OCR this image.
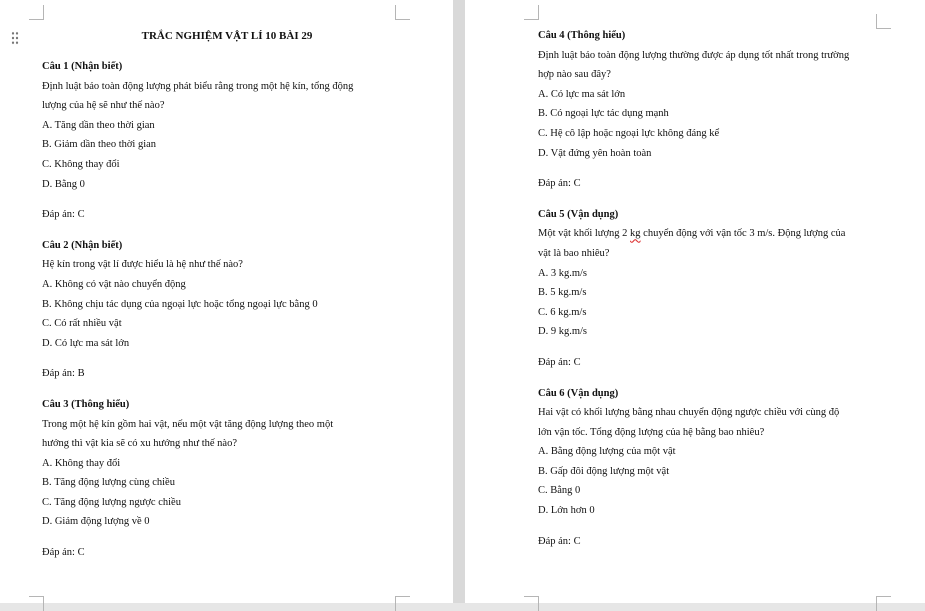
TRẮC NGHIỆM VẬT LÍ 10 BÀI 29
Câu 1 (Nhận biết)
Định luật bảo toàn động lượng phát biểu rằng trong một hệ kín, tổng động
lượng của hệ sẽ như thế nào?
A. Tăng dần theo thời gian
B. Giảm dần theo thời gian
C. Không thay đổi
D. Bằng 0
Đáp án: C
Câu 2 (Nhận biết)
Hệ kín trong vật lí được hiểu là hệ như thế nào?
A. Không có vật nào chuyển động
B. Không chịu tác dụng của ngoại lực hoặc tổng ngoại lực bằng 0
C. Có rất nhiều vật
D. Có lực ma sát lớn
Đáp án: B
Câu 3 (Thông hiểu)
Trong một hệ kín gồm hai vật, nếu một vật tăng động lượng theo một
hướng thì vật kia sẽ có xu hướng như thế nào?
A. Không thay đổi
B. Tăng động lượng cùng chiều
C. Tăng động lượng ngược chiều
D. Giảm động lượng về 0
Đáp án: C
Câu 4 (Thông hiểu)
Định luật bảo toàn động lượng thường được áp dụng tốt nhất trong trường
hợp nào sau đây?
A. Có lực ma sát lớn
B. Có ngoại lực tác dụng mạnh
C. Hệ cô lập hoặc ngoại lực không đáng kể
D. Vật đứng yên hoàn toàn
Đáp án: C
Câu 5 (Vận dụng)
Một vật khối lượng 2 kg chuyển động với vận tốc 3 m/s. Động lượng của
vật là bao nhiêu?
A. 3 kg.m/s
B. 5 kg.m/s
C. 6 kg.m/s
D. 9 kg.m/s
Đáp án: C
Câu 6 (Vận dụng)
Hai vật có khối lượng bằng nhau chuyển động ngược chiều với cùng độ
lớn vận tốc. Tổng động lượng của hệ bằng bao nhiêu?
A. Bằng động lượng của một vật
B. Gấp đôi động lượng một vật
C. Bằng 0
D. Lớn hơn 0
Đáp án: C
